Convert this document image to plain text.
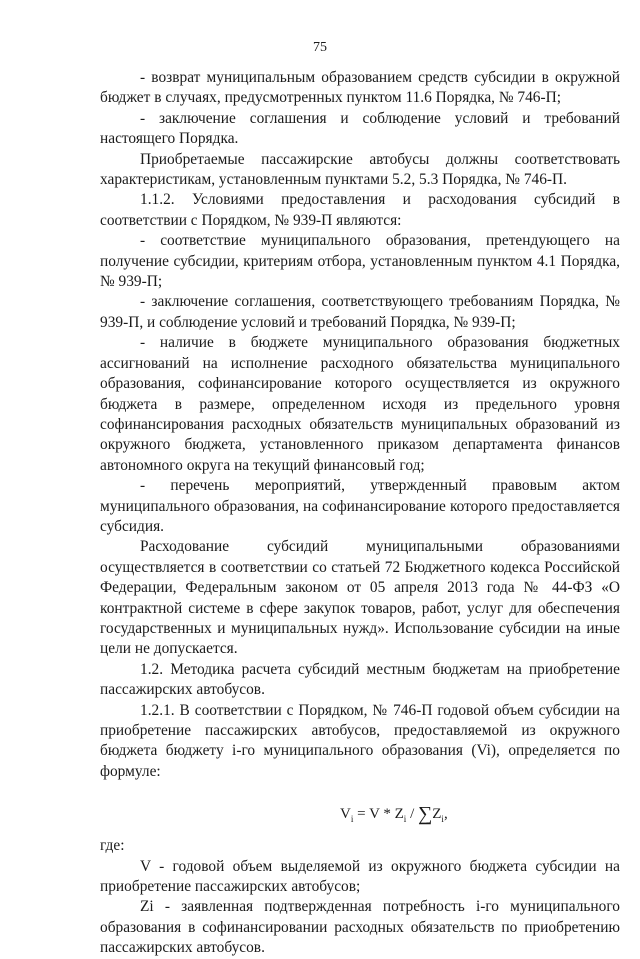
75

- возврат муниципальным образованием средств субсидии в окружной бюджет в случаях, предусмотренных пунктом 11.6 Порядка, № 746-П;

- заключение соглашения и соблюдение условий и требований настоящего Порядка.

Приобретаемые пассажирские автобусы должны соответствовать характеристикам, установленным пунктами 5.2, 5.3 Порядка, № 746-П.

1.1.2. Условиями предоставления и расходования субсидий в соответствии с Порядком, № 939-П являются:

- соответствие муниципального образования, претендующего на получение субсидии, критериям отбора, установленным пунктом 4.1 Порядка, № 939-П;

- заключение соглашения, соответствующего требованиям Порядка, № 939-П, и соблюдение условий и требований Порядка, № 939-П;

- наличие в бюджете муниципального образования бюджетных ассигнований на исполнение расходного обязательства муниципального образования, софинансирование которого осуществляется из окружного бюджета в размере, определенном исходя из предельного уровня софинансирования расходных обязательств муниципальных образований из окружного бюджета, установленного приказом департамента финансов автономного округа на текущий финансовый год;

- перечень мероприятий, утвержденный правовым актом муниципального образования, на софинансирование которого предоставляется субсидия.

Расходование субсидий муниципальными образованиями осуществляется в соответствии со статьей 72 Бюджетного кодекса Российской Федерации, Федеральным законом от 05 апреля 2013 года № 44-ФЗ «О контрактной системе в сфере закупок товаров, работ, услуг для обеспечения государственных и муниципальных нужд». Использование субсидии на иные цели не допускается.

1.2. Методика расчета субсидий местным бюджетам на приобретение пассажирских автобусов.

1.2.1. В соответствии с Порядком, № 746-П годовой объем субсидии на приобретение пассажирских автобусов, предоставляемой из окружного бюджета бюджету i-го муниципального образования (Vi), определяется по формуле:

$V_i = V * Z_i / \sum Z_i$,

где:

V - годовой объем выделяемой из окружного бюджета субсидии на приобретение пассажирских автобусов;

Zi - заявленная подтвержденная потребность i-го муниципального образования в софинансировании расходных обязательств по приобретению пассажирских автобусов.
